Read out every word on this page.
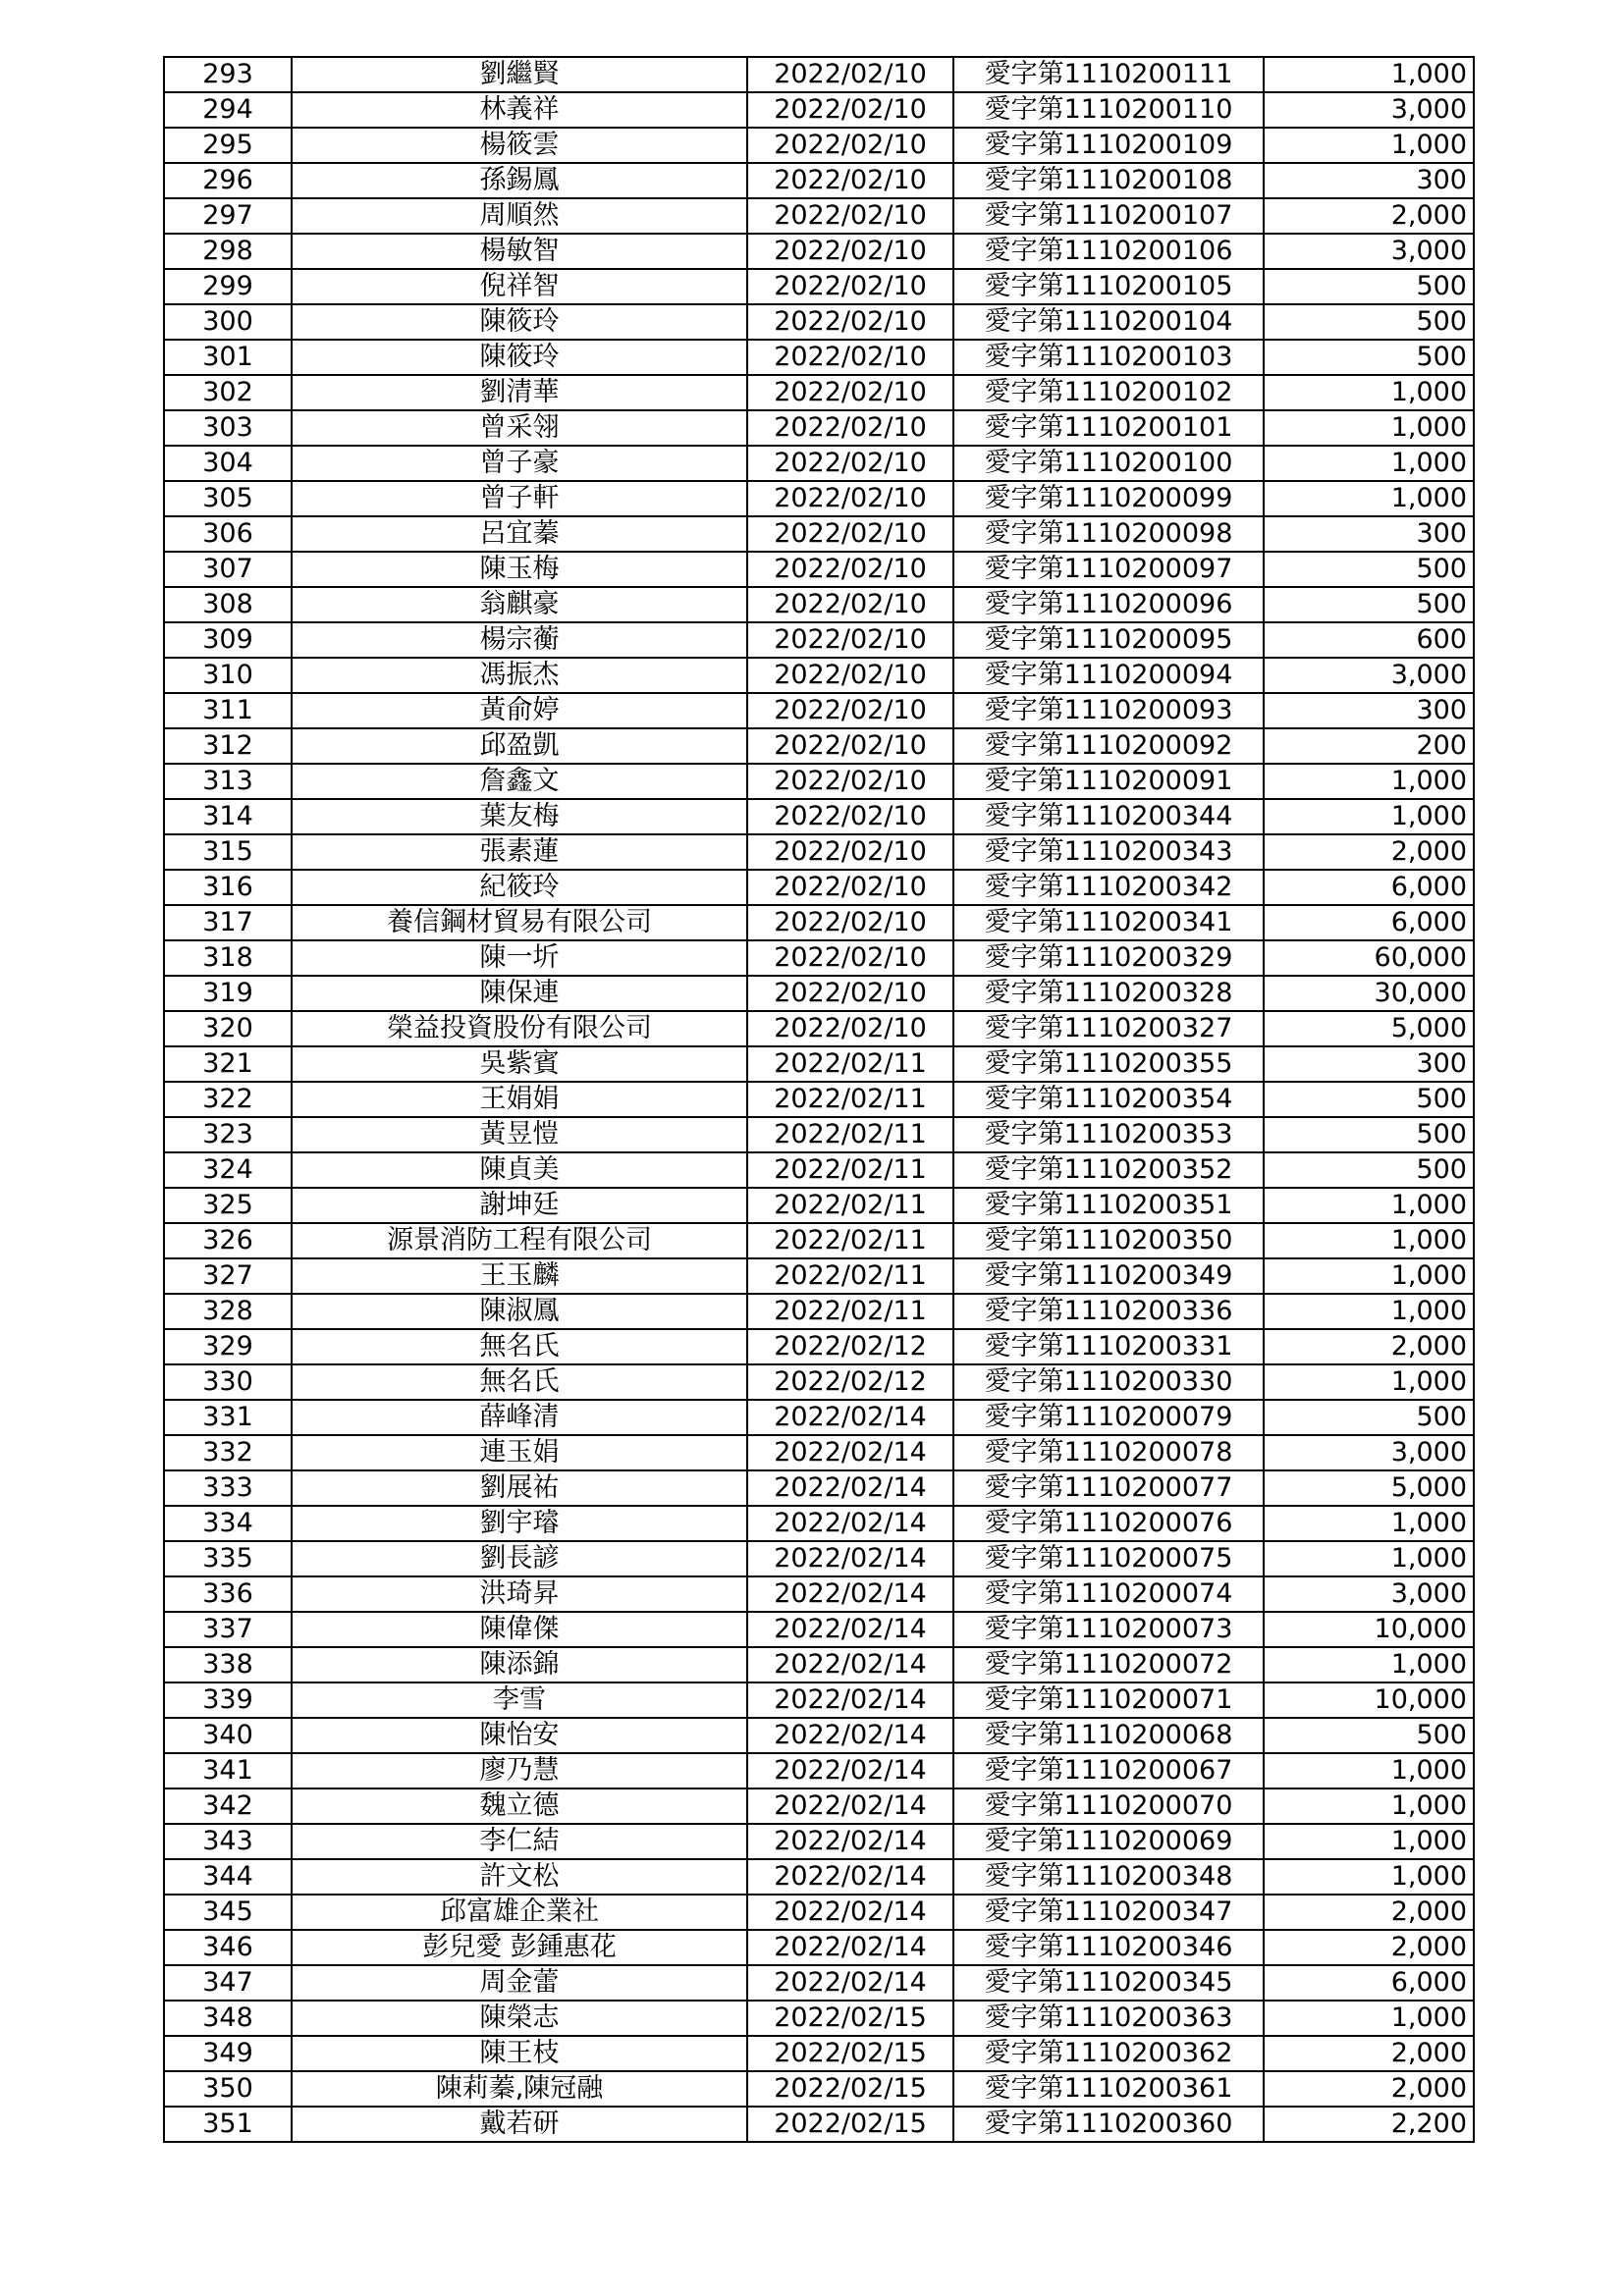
293	劉繼賢	2022/02/10	愛字第1110200111	1,000
294	林義祥	2022/02/10	愛字第1110200110	3,000
295	楊筱雲	2022/02/10	愛字第1110200109	1,000
296	孫錫鳳	2022/02/10	愛字第1110200108	300
297	周順然	2022/02/10	愛字第1110200107	2,000
298	楊敏智	2022/02/10	愛字第1110200106	3,000
299	倪祥智	2022/02/10	愛字第1110200105	500
300	陳筱玲	2022/02/10	愛字第1110200104	500
301	陳筱玲	2022/02/10	愛字第1110200103	500
302	劉清華	2022/02/10	愛字第1110200102	1,000
303	曾采翎	2022/02/10	愛字第1110200101	1,000
304	曾子豪	2022/02/10	愛字第1110200100	1,000
305	曾子軒	2022/02/10	愛字第1110200099	1,000
306	呂宜蓁	2022/02/10	愛字第1110200098	300
307	陳玉梅	2022/02/10	愛字第1110200097	500
308	翁麒豪	2022/02/10	愛字第1110200096	500
309	楊宗蘅	2022/02/10	愛字第1110200095	600
310	馮振杰	2022/02/10	愛字第1110200094	3,000
311	黃俞婷	2022/02/10	愛字第1110200093	300
312	邱盈凱	2022/02/10	愛字第1110200092	200
313	詹鑫文	2022/02/10	愛字第1110200091	1,000
314	葉友梅	2022/02/10	愛字第1110200344	1,000
315	張素蓮	2022/02/10	愛字第1110200343	2,000
316	紀筱玲	2022/02/10	愛字第1110200342	6,000
317	養信鋼材貿易有限公司	2022/02/10	愛字第1110200341	6,000
318	陳一圻	2022/02/10	愛字第1110200329	60,000
319	陳保連	2022/02/10	愛字第1110200328	30,000
320	榮益投資股份有限公司	2022/02/10	愛字第1110200327	5,000
321	吳紫賓	2022/02/11	愛字第1110200355	300
322	王娟娟	2022/02/11	愛字第1110200354	500
323	黃昱愷	2022/02/11	愛字第1110200353	500
324	陳貞美	2022/02/11	愛字第1110200352	500
325	謝坤廷	2022/02/11	愛字第1110200351	1,000
326	源景消防工程有限公司	2022/02/11	愛字第1110200350	1,000
327	王玉麟	2022/02/11	愛字第1110200349	1,000
328	陳淑鳳	2022/02/11	愛字第1110200336	1,000
329	無名氏	2022/02/12	愛字第1110200331	2,000
330	無名氏	2022/02/12	愛字第1110200330	1,000
331	薛峰清	2022/02/14	愛字第1110200079	500
332	連玉娟	2022/02/14	愛字第1110200078	3,000
333	劉展祐	2022/02/14	愛字第1110200077	5,000
334	劉宇璿	2022/02/14	愛字第1110200076	1,000
335	劉長諺	2022/02/14	愛字第1110200075	1,000
336	洪琦昇	2022/02/14	愛字第1110200074	3,000
337	陳偉傑	2022/02/14	愛字第1110200073	10,000
338	陳添錦	2022/02/14	愛字第1110200072	1,000
339	李雪	2022/02/14	愛字第1110200071	10,000
340	陳怡安	2022/02/14	愛字第1110200068	500
341	廖乃慧	2022/02/14	愛字第1110200067	1,000
342	魏立德	2022/02/14	愛字第1110200070	1,000
343	李仁結	2022/02/14	愛字第1110200069	1,000
344	許文松	2022/02/14	愛字第1110200348	1,000
345	邱富雄企業社	2022/02/14	愛字第1110200347	2,000
346	彭兒愛 彭鍾惠花	2022/02/14	愛字第1110200346	2,000
347	周金蕾	2022/02/14	愛字第1110200345	6,000
348	陳榮志	2022/02/15	愛字第1110200363	1,000
349	陳王枝	2022/02/15	愛字第1110200362	2,000
350	陳莉蓁,陳冠融	2022/02/15	愛字第1110200361	2,000
351	戴若研	2022/02/15	愛字第1110200360	2,200
